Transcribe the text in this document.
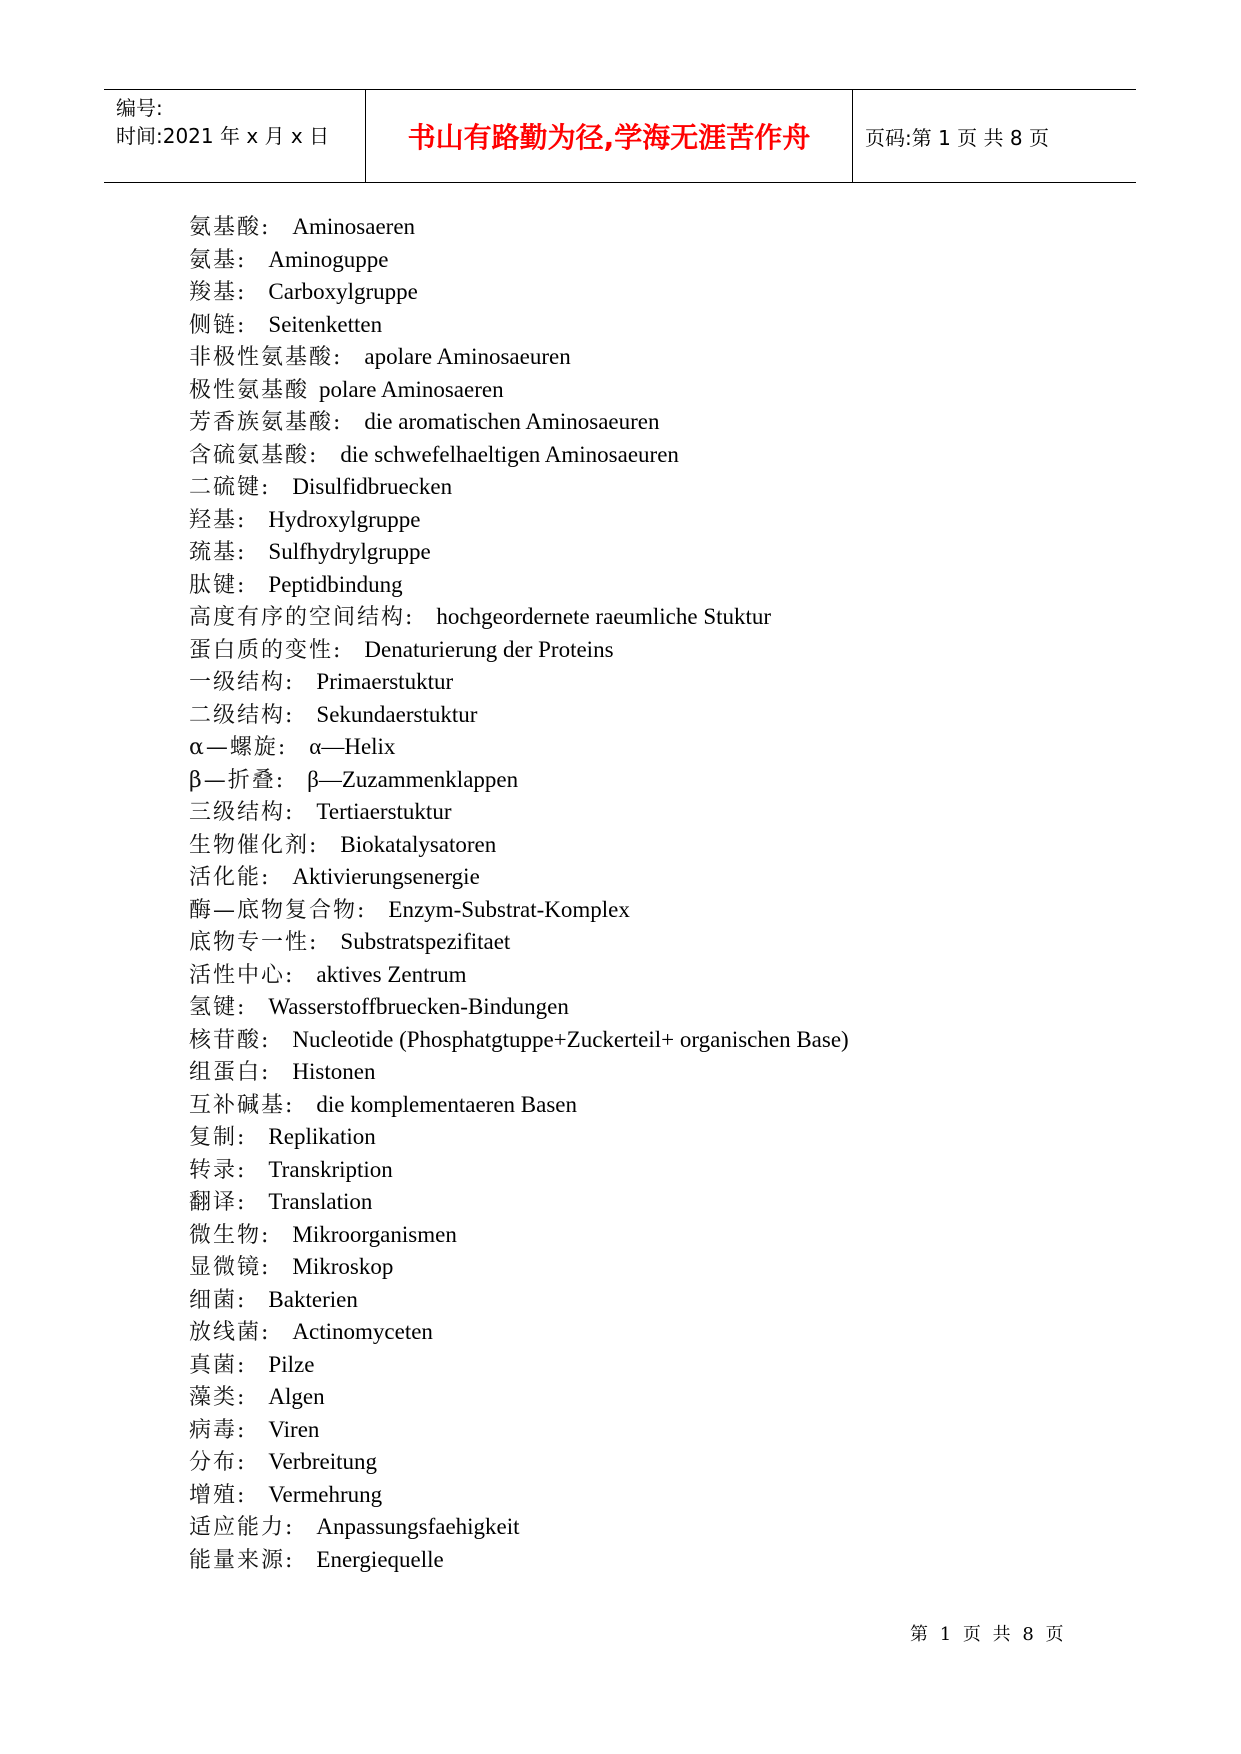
编号:
时间:2021 年 x 月 x 日	书山有路勤为径,学海无涯苦作舟	页码:第 1 页 共 8 页
氨基酸: Aminosaeren
氨基: Aminoguppe
羧基: Carboxylgruppe
侧链: Seitenketten
非极性氨基酸: apolare Aminosaeuren
极性氨基酸 polare Aminosaeren
芳香族氨基酸: die aromatischen Aminosaeuren
含硫氨基酸: die schwefelhaeltigen Aminosaeuren
二硫键: Disulfidbruecken
羟基: Hydroxylgruppe
巯基: Sulfhydrylgruppe
肽键: Peptidbindung
高度有序的空间结构: hochgeordernete raeumliche Stuktur
蛋白质的变性: Denaturierung der Proteins
一级结构: Primaerstuktur
二级结构: Sekundaerstuktur
α—螺旋: α—Helix
β—折叠: β—Zuzammenklappen
三级结构: Tertiaerstuktur
生物催化剂: Biokatalysatoren
活化能: Aktivierungsenergie
酶—底物复合物: Enzym-Substrat-Komplex
底物专一性: Substratspezifitaet
活性中心: aktives Zentrum
氢键: Wasserstoffbruecken-Bindungen
核苷酸: Nucleotide (Phosphatgtuppe+Zuckerteil+ organischen Base)
组蛋白: Histonen
互补碱基: die komplementaeren Basen
复制: Replikation
转录: Transkription
翻译: Translation
微生物: Mikroorganismen
显微镜: Mikroskop
细菌: Bakterien
放线菌: Actinomyceten
真菌: Pilze
藻类: Algen
病毒: Viren
分布: Verbreitung
增殖: Vermehrung
适应能力: Anpassungsfaehigkeit
能量来源: Energiequelle
第 1 页 共 8 页
